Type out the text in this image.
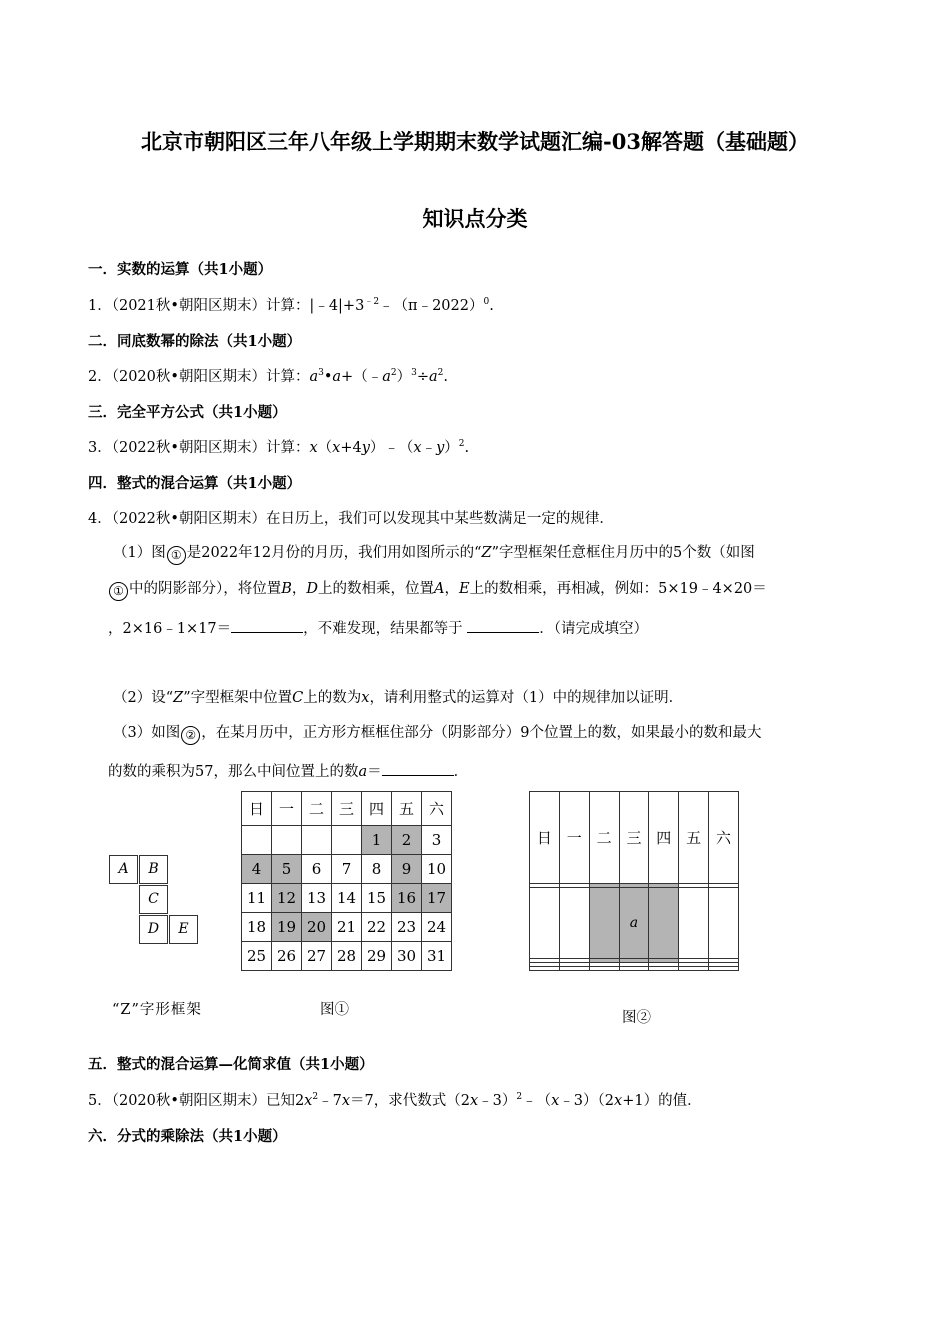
北京市朝阳区三年八年级上学期期末数学试题汇编-03解答题（基础题）
知识点分类
一．实数的运算（共1小题）
1．（2021秋•朝阳区期末）计算：$|﹣4|+3^{﹣2}﹣(\pi﹣2022)^0$.
二．同底数幂的除法（共1小题）
2．（2020秋•朝阳区期末）计算：$a^3•a+(﹣a^2)^3\div a^2$.
三．完全平方公式（共1小题）
3．（2022秋•朝阳区期末）计算：x（x+4y）﹣（x﹣y）$^2$.
四．整式的混合运算（共1小题）
4．（2022秋•朝阳区期末）在日历上，我们可以发现其中某些数满足一定的规律．
（1）图 ① 是2022年12月份的月历，我们用如图所示的“Z”字型框架任意框住月历中的5个数（如图
① 中的阴影部分），将位置B，D上的数相乘，位置A，E上的数相乘，再相减，例如：5×19﹣4×20＝
，2×16﹣1×17＝	，不难发现，结果都等于	．（请完成填空）
（2）设“Z”字型框架中位置C上的数为x，请利用整式的运算对（1）中的规律加以证明．
（3）如图 ② ，在某月历中，正方形方框框住部分（阴影部分）9个位置上的数，如果最小的数和最大
的数的乘积为57，那么中间位置上的数a＝	．
A	B
C
D	E
“Z”字形框架
日	一	二	三	四	五	六
				1	2	3
4	5	6	7	8	9	10
11	12	13	14	15	16	17
18	19	20	21	22	23	24
25	26	27	28	29	30	31
图①
日	一	二	三	四	五	六

			a			

图②
五．整式的混合运算—化简求值（共1小题）
5．（2020秋•朝阳区期末）已知$2x^2﹣7x=7$，求代数式（2x﹣3）$^2$﹣（x﹣3）（2x+1）的值．
六．分式的乘除法（共1小题）
